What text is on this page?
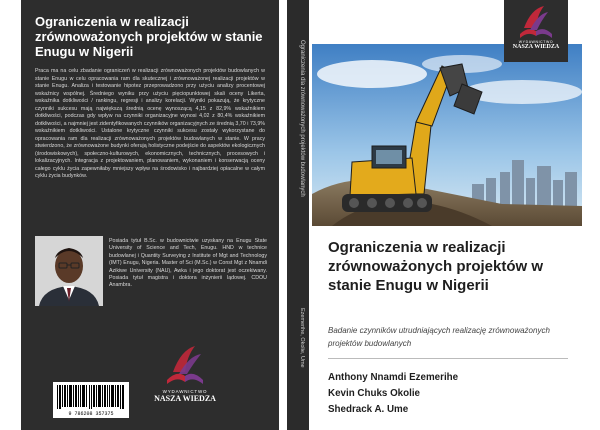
Ograniczenia w realizacji zrównoważonych projektów w stanie Enugu w Nigerii
Praca ma na celu zbadanie ograniczeń w realizacji zrównoważonych projektów budowlanych w stanie Enugu w celu opracowania ram dla skutecznej i zrównoważonej realizacji projektów w stanie Enugu. Analiza i testowanie hipotez przeprowadzono przy użyciu analizy procentowej wskaźnicy wspólnej. Średniego wyniku przy użyciu pięciopunktowej skali oceny Likerta, wskaźnika dotkliwości / rankingu, regresji i analizy korelacji. Wyniki pokazują, że krytyczne czynniki sukcesu mają największą średnią ocenę wynoszącą 4,15 z 82,9% wskaźnikiem dotkliwości, podczas gdy wpływ na czynniki organizacyjne wynosi 4,02 z 80,4% wskaźnikiem dotkliwości, a najmniej jest zidentyfikowanych czynników organizacyjnych ze średnią 3,70 i 73,9% wskaźnikiem dotkliwości. Ustalone krytyczne czynniki sukcesu zostały wykorzystane do opracowania ram dla realizacji zrównoważonych projektów budowlanych w stanie. W pracy stwierdzono, że zrównoważone budynki oferują holistyczne podejście do aspektów ekologicznych (środowiskowych), społeczno-kulturowych, ekonomicznych, technicznych, procesowych i lokalizacyjnych. Integracja z projektowaniem, planowaniem, wykonaniem i konserwacją oceny całego cyklu życia zapewniłaby mniejszy wpływ na środowisko i najbardziej opłacalne w całym cyklu życia budynków.
Posiada tytuł B.Sc. w budownictwie uzyskany na Enugu State University of Science and Tech, Enugu. HND w technice budowlanej i Quantity Surveying z Institute of Mgt and Technology (IMT) Enugu, Nigeria. Master of Sci (M.Sc.) w Const Mgt z Nnamdi Azikiwe University (NAU), Awka i jego doktorat jest oczekiwany. Posiada tytuł magistra i doktora inżynierii lądowej. CDOU Anambra.
9 786208 357375
WYDAWNICTWO
NASZA WIEDZA
Ograniczenia dla zrównoważonych projektów budowlanych
Ezemerihe, Okolie, Ume
WYDAWNICTWO
NASZA WIEDZA
Ograniczenia w realizacji zrównoważonych projektów w stanie Enugu w Nigerii
Badanie czynników utrudniających realizację zrównoważonych projektów budowlanych
Anthony Nnamdi Ezemerihe
Kevin Chuks Okolie
Shedrack A. Ume
